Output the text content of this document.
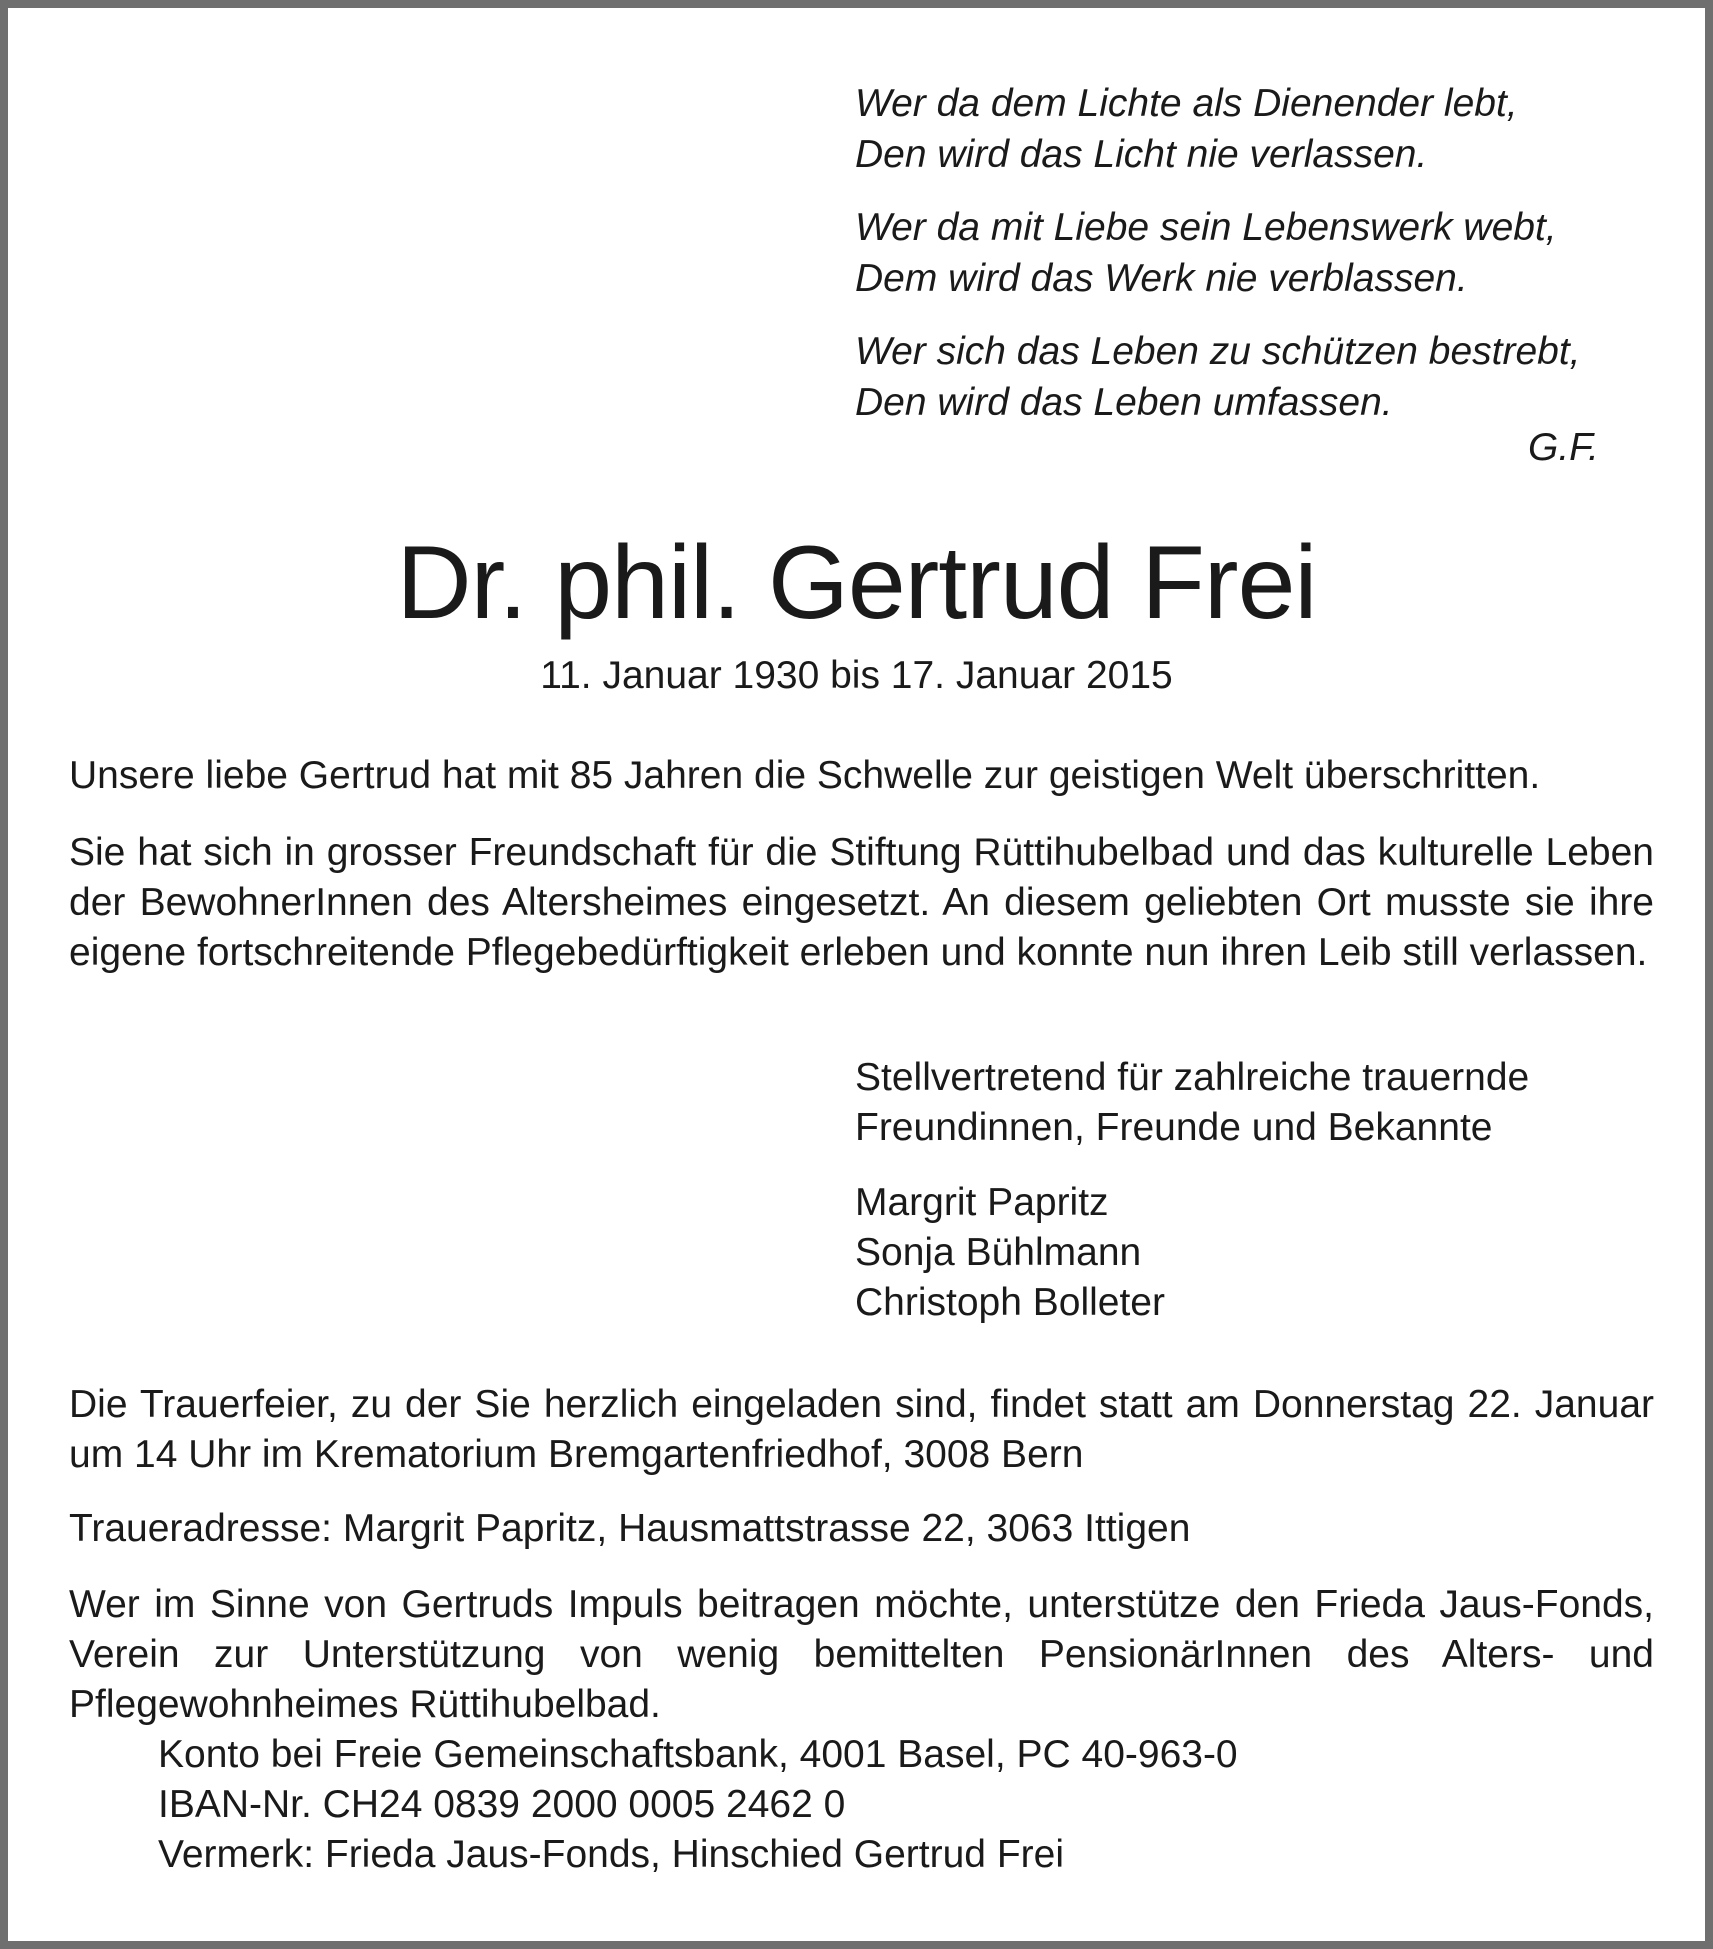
Wer da dem Lichte als Dienender lebt,
Den wird das Licht nie verlassen.
Wer da mit Liebe sein Lebenswerk webt,
Dem wird das Werk nie verblassen.
Wer sich das Leben zu schützen bestrebt,
Den wird das Leben umfassen.
G.F.
Dr. phil. Gertrud Frei
11. Januar 1930 bis 17. Januar 2015
Unsere liebe Gertrud hat mit 85 Jahren die Schwelle zur geistigen Welt überschritten.
Sie hat sich in grosser Freundschaft für die Stiftung Rüttihubelbad und das kulturelle Leben der BewohnerInnen des Altersheimes eingesetzt. An diesem geliebten Ort musste sie ihre eigene fortschreitende Pflegebedürftigkeit erleben und konnte nun ihren Leib still verlassen.
Stellvertretend für zahlreiche trauernde
Freundinnen, Freunde und Bekannte
Margrit Papritz
Sonja Bühlmann
Christoph Bolleter
Die Trauerfeier, zu der Sie herzlich eingeladen sind, findet statt am Donnerstag 22. Januar um 14 Uhr im Krematorium Bremgartenfriedhof, 3008 Bern
Traueradresse: Margrit Papritz, Hausmattstrasse 22, 3063 Ittigen
Wer im Sinne von Gertruds Impuls beitragen möchte, unterstütze den Frieda Jaus-Fonds, Verein zur Unterstützung von wenig bemittelten PensionärInnen des Alters- und Pflegewohnheimes Rüttihubelbad.
Konto bei Freie Gemeinschaftsbank, 4001 Basel, PC 40-963-0
IBAN-Nr. CH24 0839 2000 0005 2462 0
Vermerk: Frieda Jaus-Fonds, Hinschied Gertrud Frei
